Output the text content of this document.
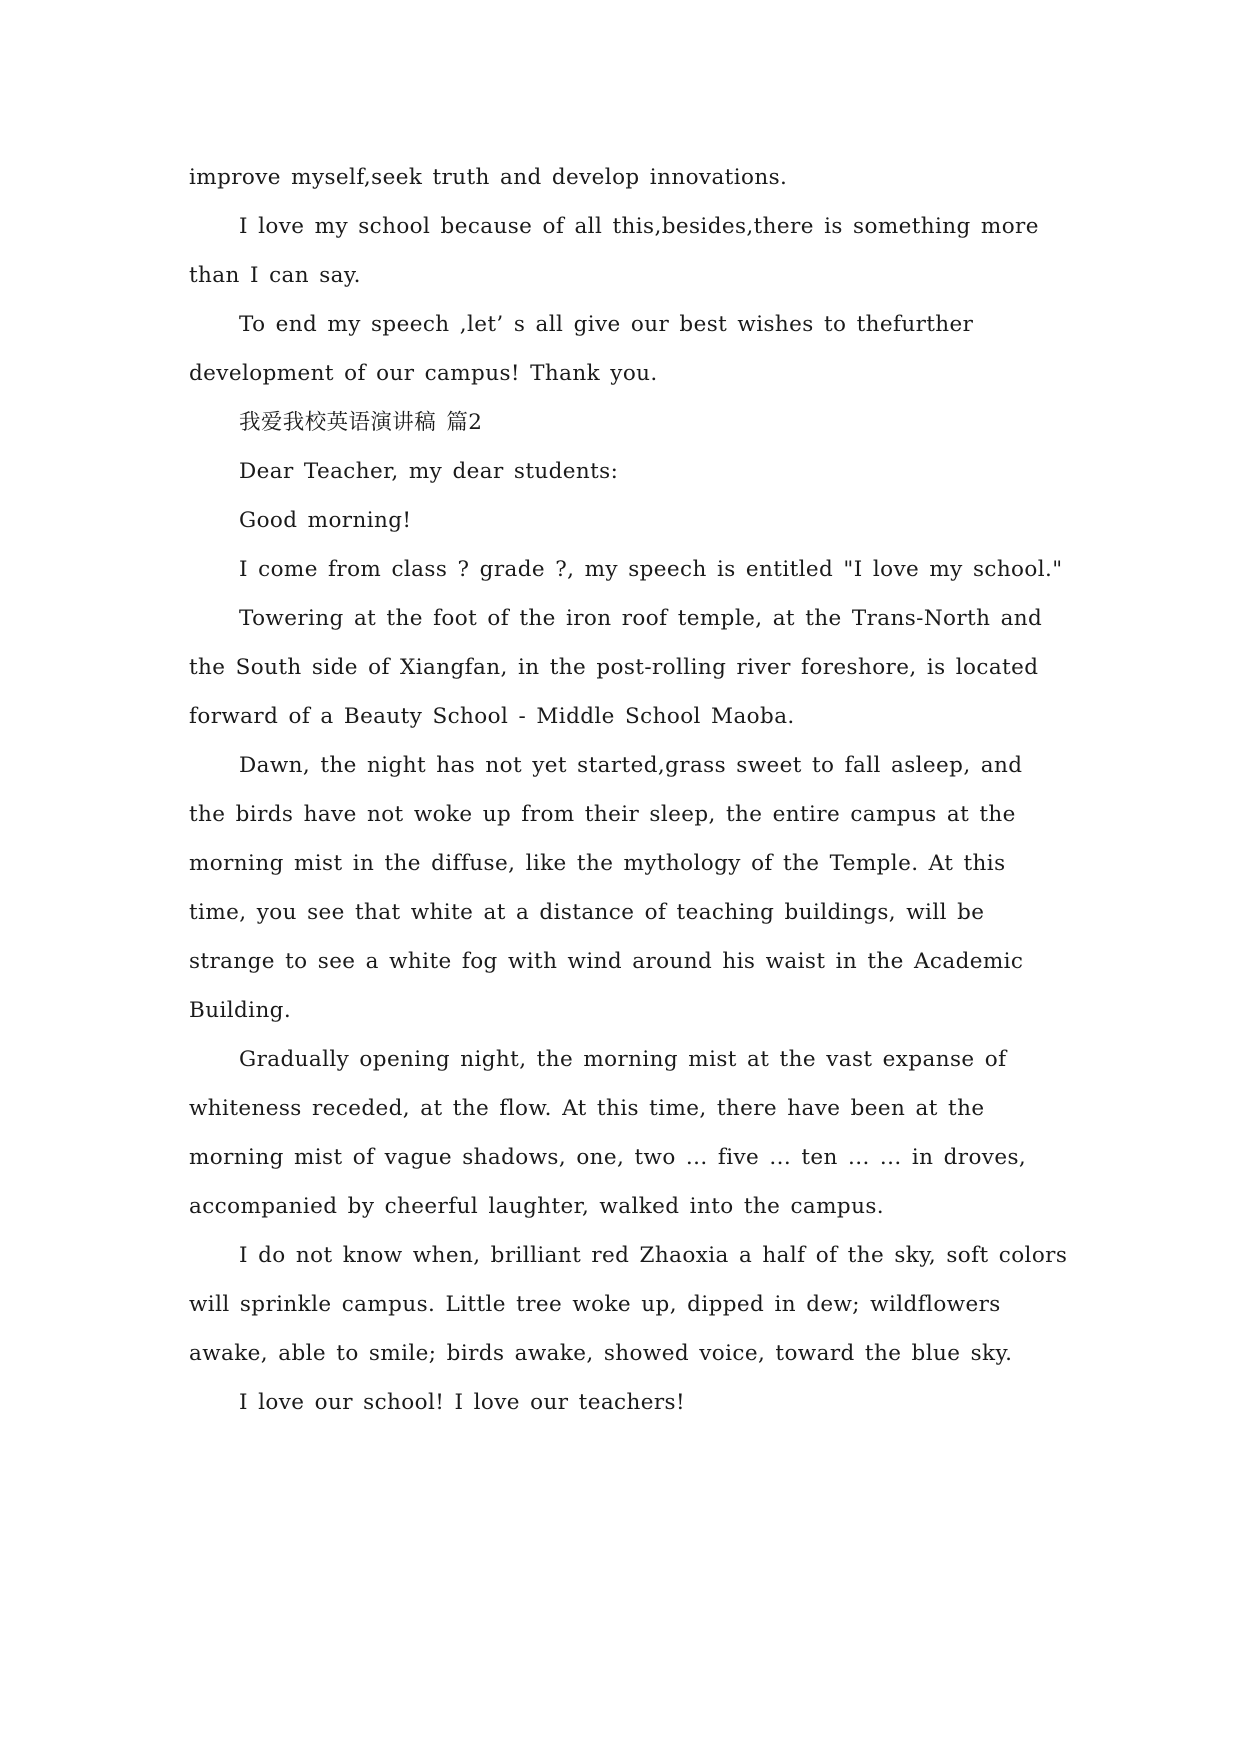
improve myself,seek truth and develop innovations.

I love my school because of all this,besides,there is something more than I can say.

To end my speech ,let’ s all give our best wishes to thefurther development of our campus! Thank you.

我爱我校英语演讲稿 篇2

Dear Teacher, my dear students:

Good morning!

I come from class ? grade ?, my speech is entitled "I love my school."

Towering at the foot of the iron roof temple, at the Trans-North and the South side of Xiangfan, in the post-rolling river foreshore, is located forward of a Beauty School - Middle School Maoba.

Dawn, the night has not yet started,grass sweet to fall asleep, and the birds have not woke up from their sleep, the entire campus at the morning mist in the diffuse, like the mythology of the Temple. At this time, you see that white at a distance of teaching buildings, will be strange to see a white fog with wind around his waist in the Academic Building.

Gradually opening night, the morning mist at the vast expanse of whiteness receded, at the flow. At this time, there have been at the morning mist of vague shadows, one, two ... five ... ten ... ... in droves, accompanied by cheerful laughter, walked into the campus.

I do not know when, brilliant red Zhaoxia a half of the sky, soft colors will sprinkle campus. Little tree woke up, dipped in dew; wildflowers awake, able to smile; birds awake, showed voice, toward the blue sky.

I love our school! I love our teachers!
